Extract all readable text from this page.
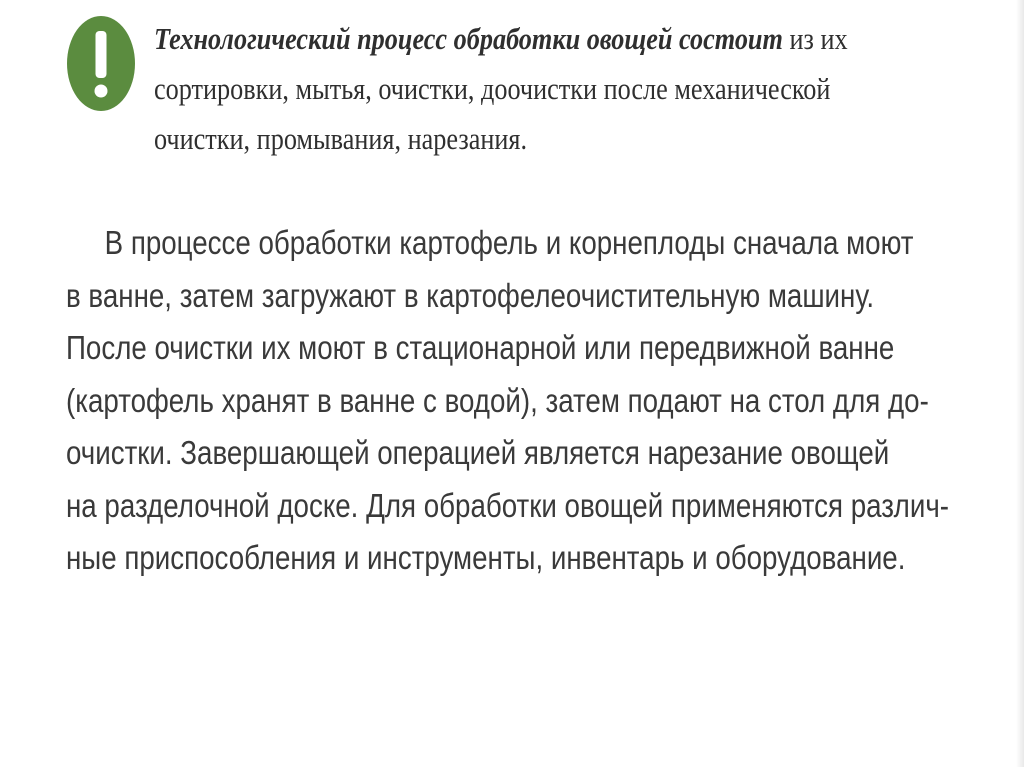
Технологический процесс обработки овощей состоит из их
сортировки, мытья, очистки, доочистки после механической
очистки, промывания, нарезания.
В процессе обработки картофель и корнеплоды сначала моют
в ванне, затем загружают в картофелеочистительную машину.
После очистки их моют в стационарной или передвижной ванне
(картофель хранят в ванне с водой), затем подают на стол для до-
очистки. Завершающей операцией является нарезание овощей
на разделочной доске. Для обработки овощей применяются различ-
ные приспособления и инструменты, инвентарь и оборудование.
